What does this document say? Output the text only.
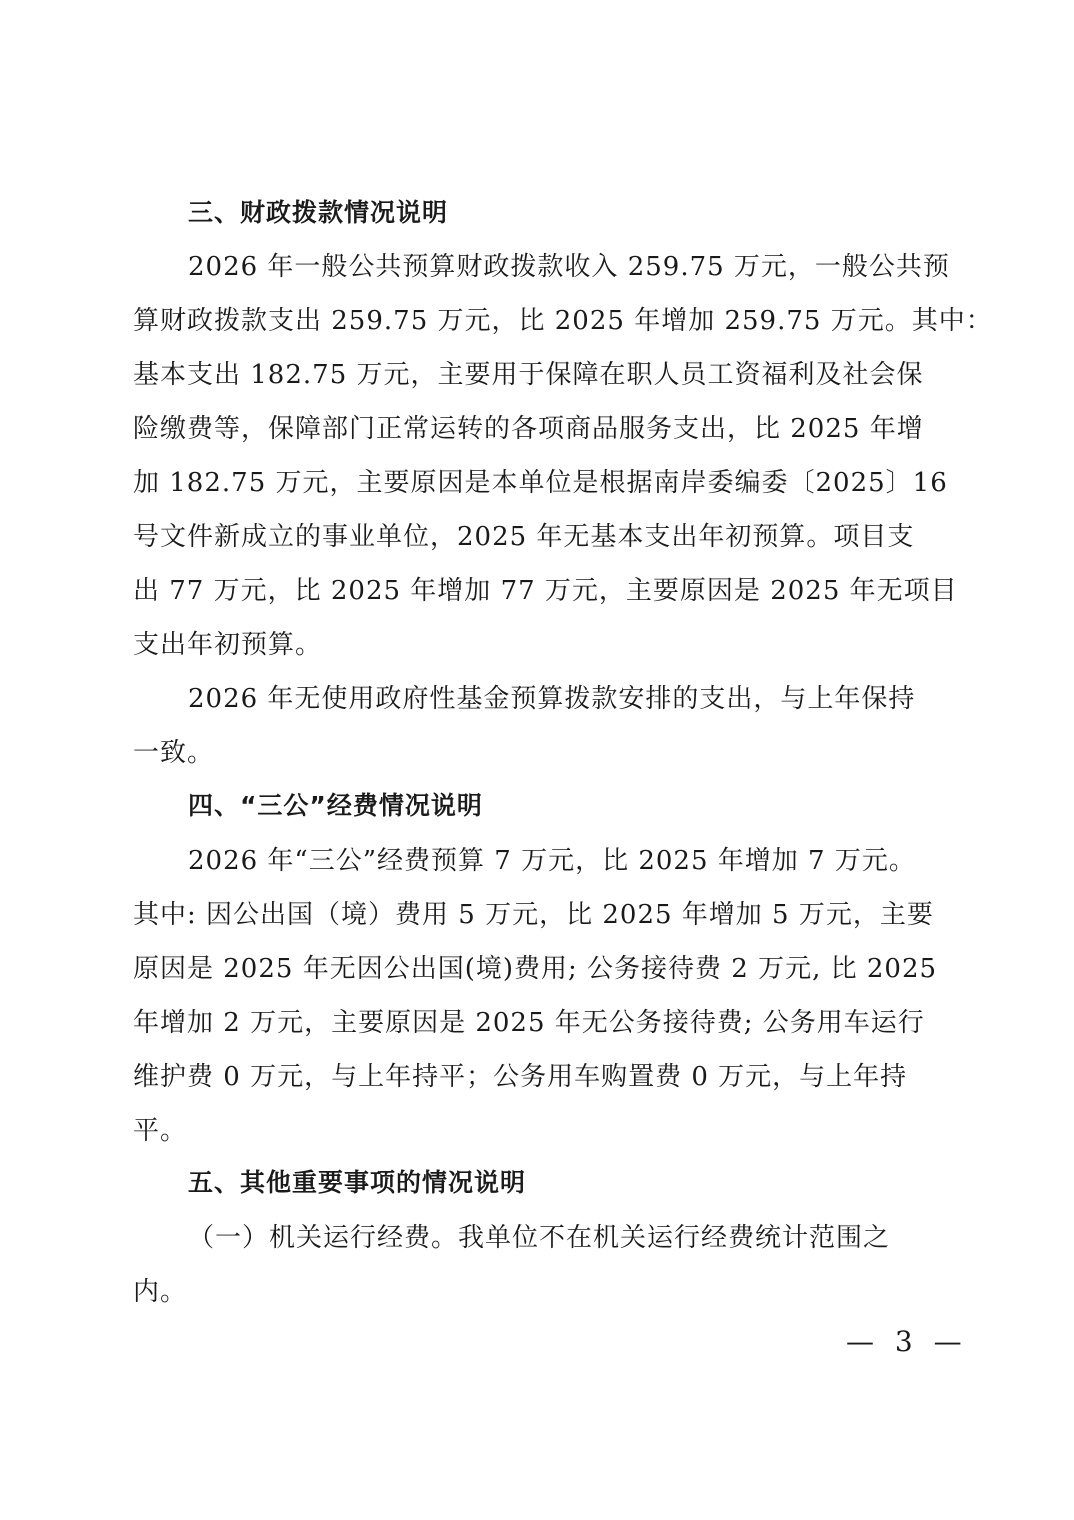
三、财政拨款情况说明
2026 年一般公共预算财政拨款收入 259.75 万元，一般公共预
算财政拨款支出 259.75 万元，比 2025 年增加 259.75 万元。其中：
基本支出 182.75 万元，主要用于保障在职人员工资福利及社会保
险缴费等，保障部门正常运转的各项商品服务支出，比 2025 年增
加 182.75 万元，主要原因是本单位是根据南岸委编委〔2025〕16
号文件新成立的事业单位，2025 年无基本支出年初预算。项目支
出 77 万元，比 2025 年增加 77 万元，主要原因是 2025 年无项目
支出年初预算。
2026 年无使用政府性基金预算拨款安排的支出，与上年保持
一致。
四、“三公”经费情况说明
2026 年“三公”经费预算 7 万元，比 2025 年增加 7 万元。
其中: 因公出国（境）费用 5 万元，比 2025 年增加 5 万元，主要
原因是 2025 年无因公出国(境)费用; 公务接待费 2 万元, 比 2025
年增加 2 万元，主要原因是 2025 年无公务接待费; 公务用车运行
维护费 0 万元，与上年持平；公务用车购置费 0 万元，与上年持
平。
五、其他重要事项的情况说明
（一）机关运行经费。我单位不在机关运行经费统计范围之
内。
— 3 —
